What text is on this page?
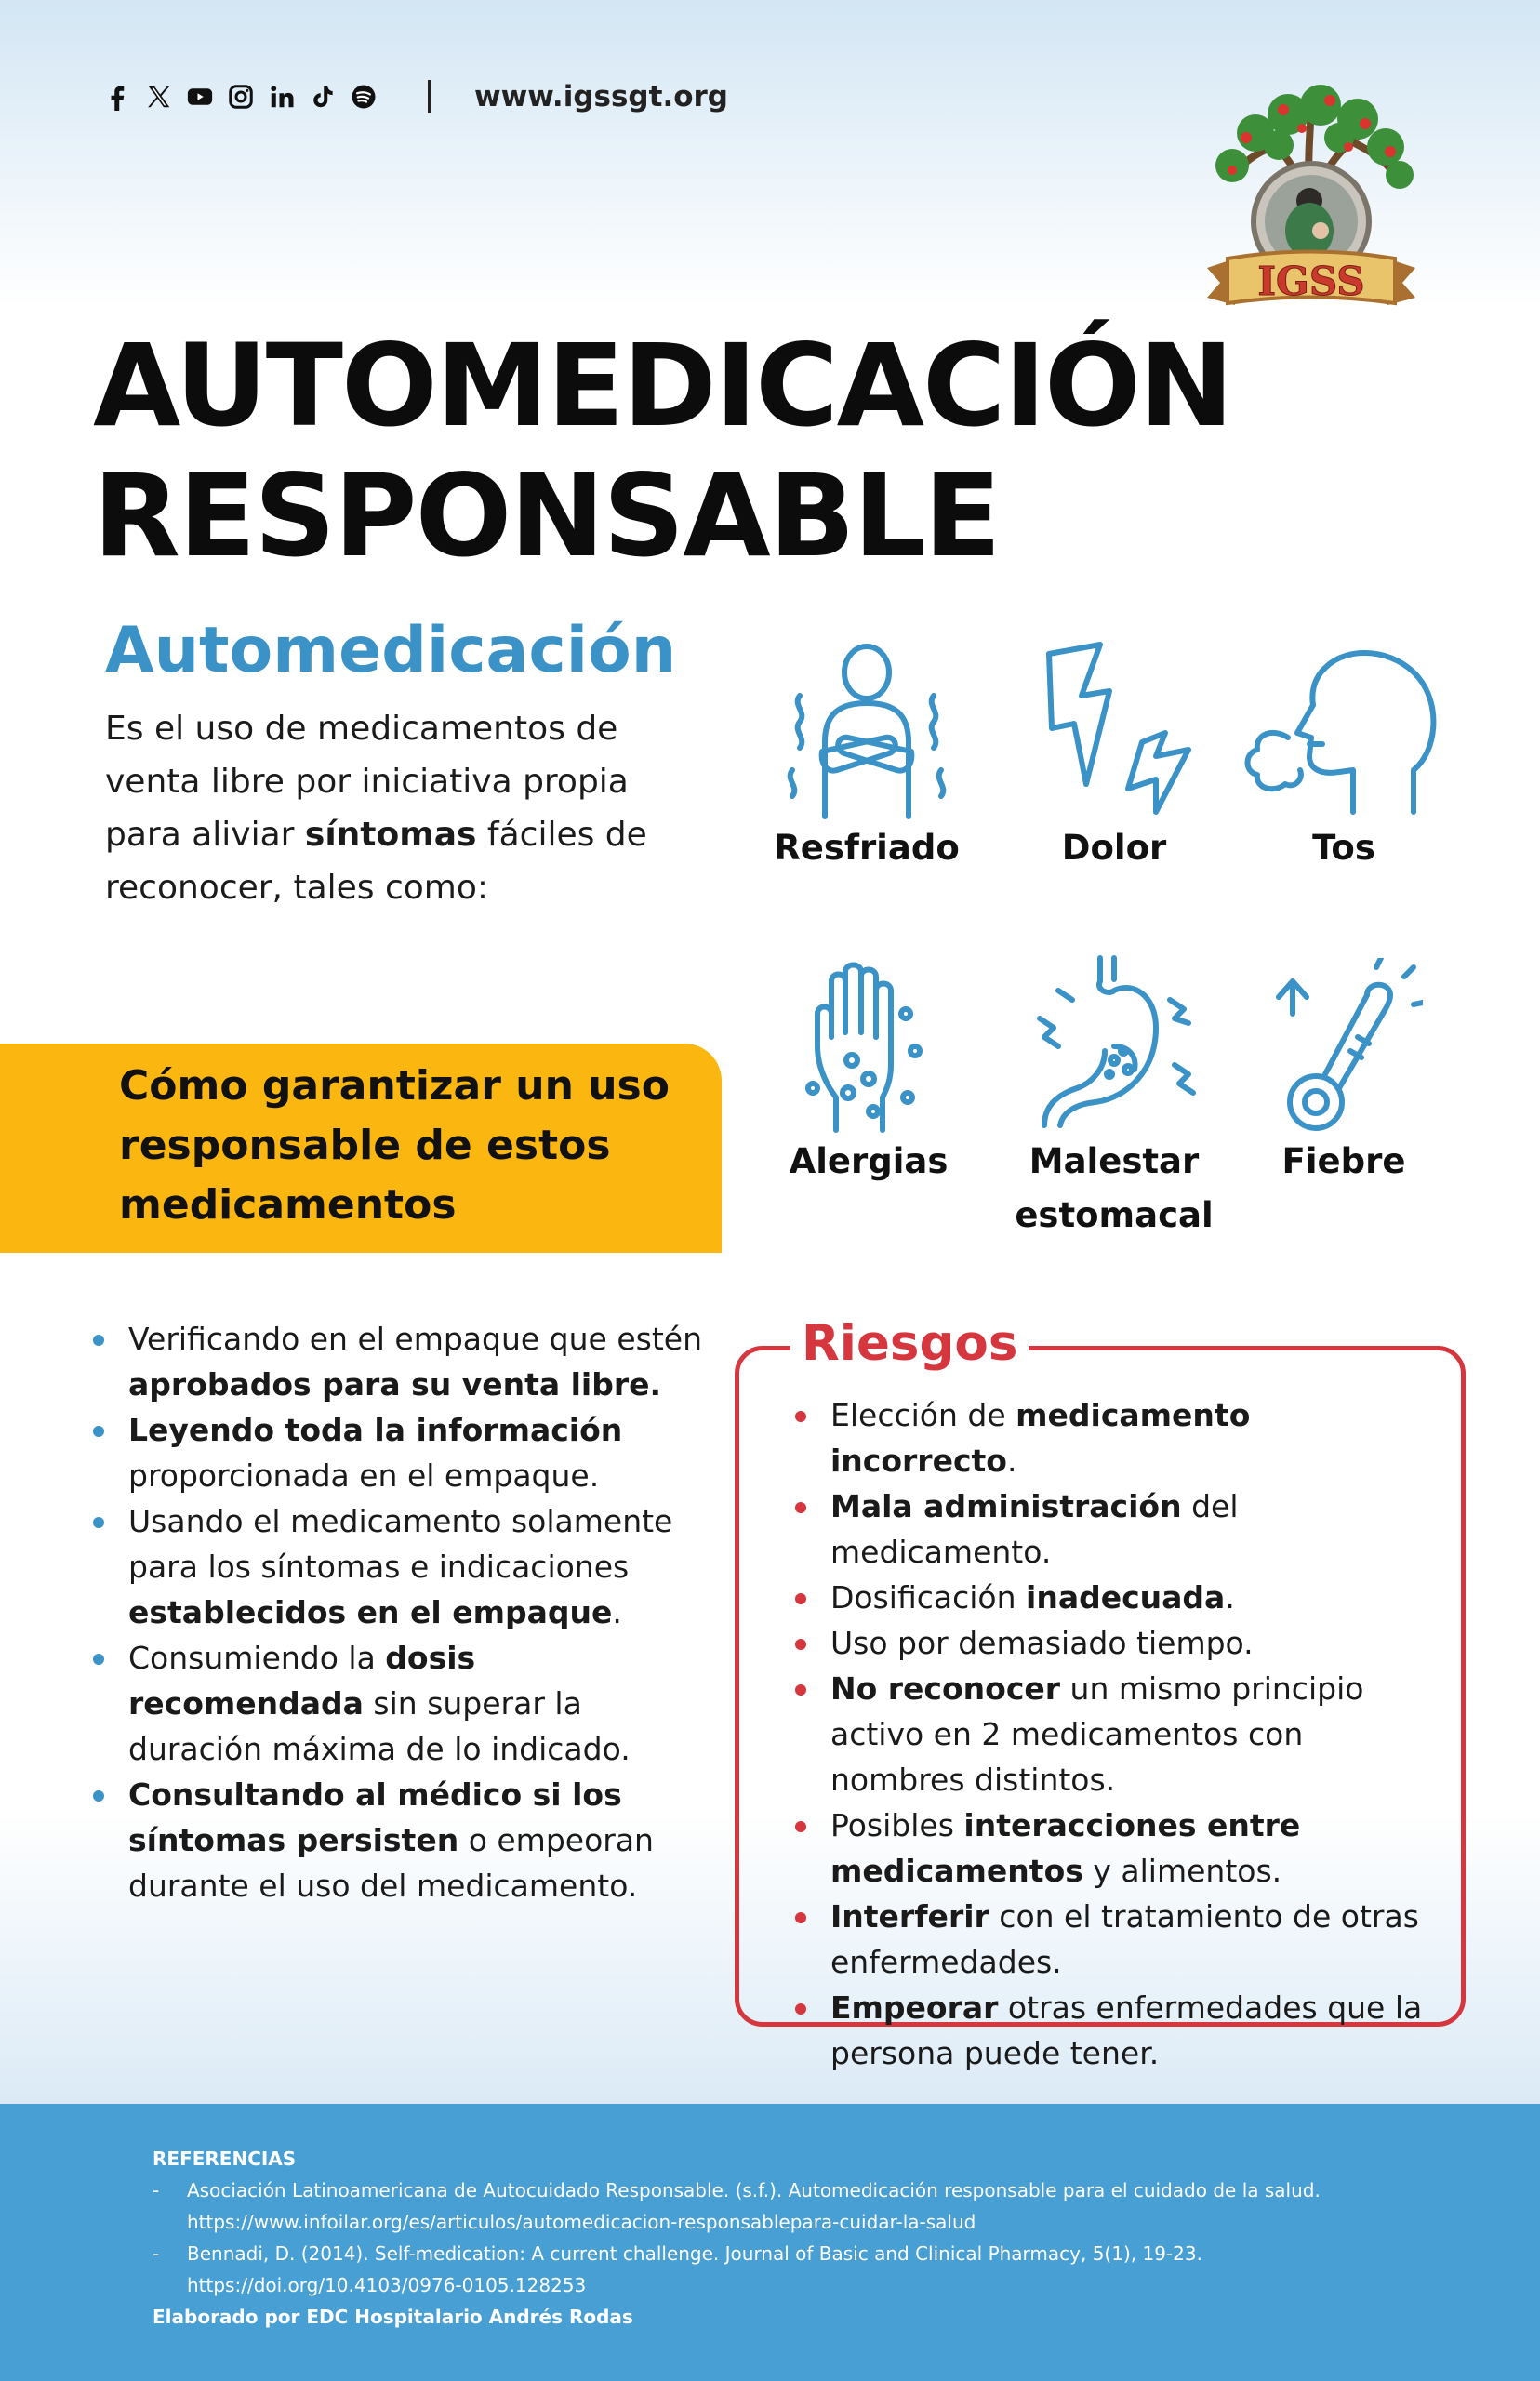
www.igssgt.org
IGSS
AUTOMEDICACIÓN
RESPONSABLE
Automedicación

Es el uso de medicamentos de venta libre por iniciativa propia para aliviar síntomas fáciles de reconocer, tales como:

Resfriado	Dolor	Tos
Alergias	Malestar estomacal
Fiebre
Cómo garantizar un uso responsable de estos medicamentos
Verificando en el empaque que estén aprobados para su venta libre.
Leyendo toda la información proporcionada en el empaque.
Usando el medicamento solamente para los síntomas e indicaciones establecidos en el empaque.
Consumiendo la dosis recomendada sin superar la duración máxima de lo indicado.
Consultando al médico si los síntomas persisten o empeoran durante el uso del medicamento.
Riesgos
Elección de medicamento incorrecto.
Mala administración del medicamento.
Dosificación inadecuada.
Uso por demasiado tiempo.
No reconocer un mismo principio activo en 2 medicamentos con nombres distintos.
Posibles interacciones entre medicamentos y alimentos.
Interferir con el tratamiento de otras enfermedades.
Empeorar otras enfermedades que la persona puede tener.
REFERENCIAS
- Asociación Latinoamericana de Autocuidado Responsable. (s.f.). Automedicación responsable para el cuidado de la salud. https://www.infoilar.org/es/articulos/automedicacion-responsablepara-cuidar-la-salud
- Bennadi, D. (2014). Self-medication: A current challenge. Journal of Basic and Clinical Pharmacy, 5(1), 19-23. https://doi.org/10.4103/0976-0105.128253
Elaborado por EDC Hospitalario Andrés Rodas
